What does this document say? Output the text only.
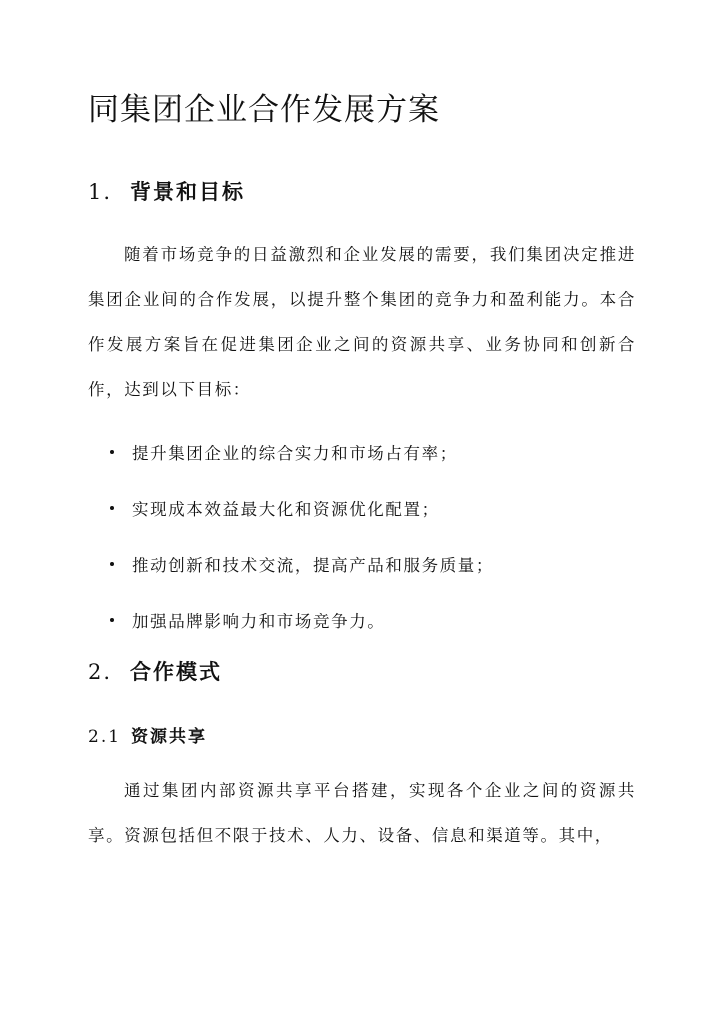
同集团企业合作发展方案
1. 背景和目标

随着市场竞争的日益激烈和企业发展的需要，我们集团决定推进集团企业间的合作发展，以提升整个集团的竞争力和盈利能力。本合作发展方案旨在促进集团企业之间的资源共享、业务协同和创新合作，达到以下目标：

提升集团企业的综合实力和市场占有率；
实现成本效益最大化和资源优化配置；
推动创新和技术交流，提高产品和服务质量；
加强品牌影响力和市场竞争力。
2. 合作模式
2.1 资源共享

通过集团内部资源共享平台搭建，实现各个企业之间的资源共享。资源包括但不限于技术、人力、设备、信息和渠道等。其中，
